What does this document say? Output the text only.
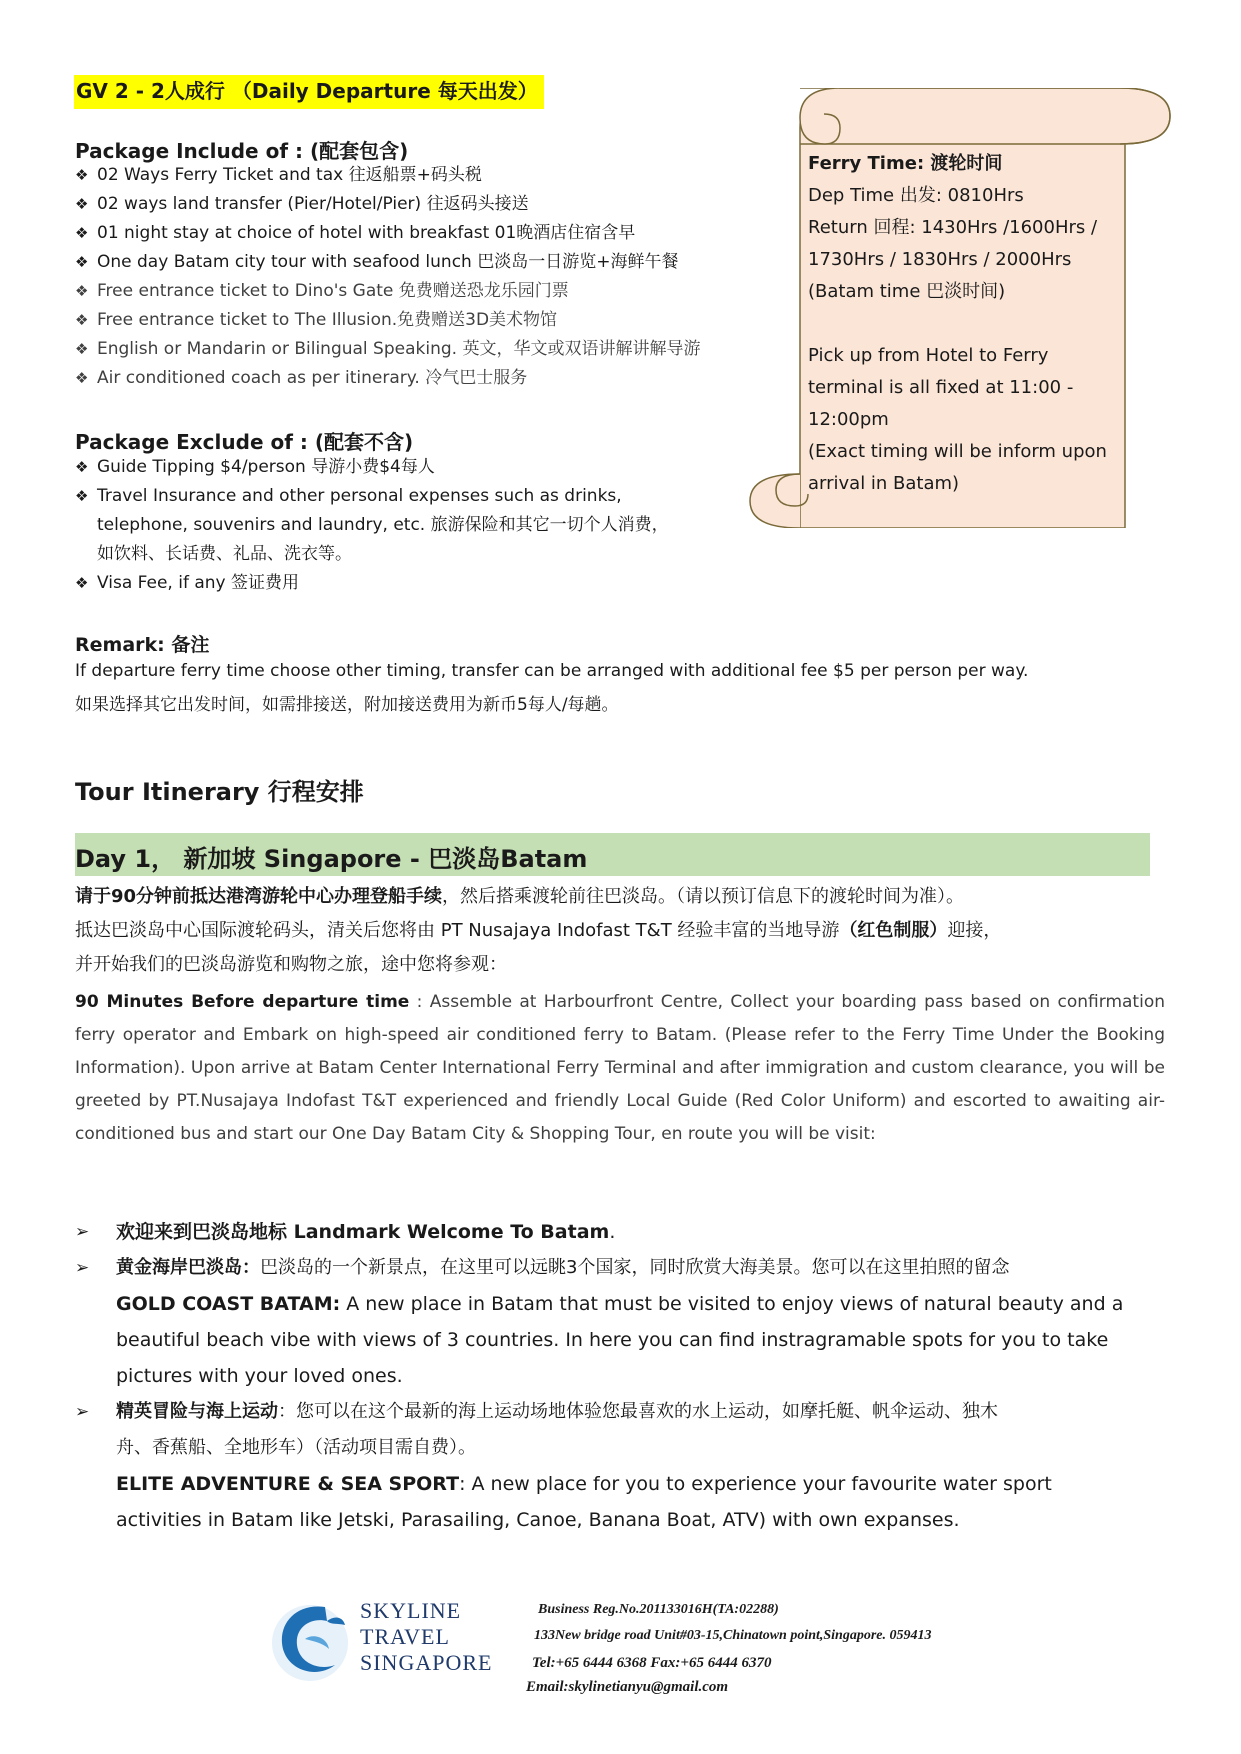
GV 2 - 2人成行 （Daily Departure 每天出发）
Package Include of : (配套包含)
❖ 02 Ways Ferry Ticket and tax 往返船票+码头税
❖ 02 ways land transfer (Pier/Hotel/Pier) 往返码头接送
❖ 01 night stay at choice of hotel with breakfast 01晚酒店住宿含早
❖ One day Batam city tour with seafood lunch 巴淡岛一日游览+海鲜午餐
❖ Free entrance ticket to Dino's Gate 免费赠送恐龙乐园门票
❖ Free entrance ticket to The Illusion.免费赠送3D美术物馆
❖ English or Mandarin or Bilingual Speaking. 英文，华文或双语讲解讲解导游
❖ Air conditioned coach as per itinerary. 冷气巴士服务
Package Exclude of : (配套不含)
❖ Guide Tipping $4/person 导游小费$4每人
❖ Travel Insurance and other personal expenses such as drinks,
telephone, souvenirs and laundry, etc. 旅游保险和其它一切个人消费，
如饮料、长话费、礼品、洗衣等。
❖ Visa Fee, if any 签证费用
Ferry Time: 渡轮时间
Dep Time 出发: 0810Hrs
Return 回程: 1430Hrs /1600Hrs /
1730Hrs / 1830Hrs / 2000Hrs
(Batam time 巴淡时间)
Pick up from Hotel to Ferry
terminal is all fixed at 11:00 -
12:00pm
(Exact timing will be inform upon
arrival in Batam)
Remark: 备注
If departure ferry time choose other timing, transfer can be arranged with additional fee $5 per person per way.
如果选择其它出发时间，如需排接送，附加接送费用为新币5每人/每趟。
Tour Itinerary 行程安排
Day 1， 新加坡 Singapore - 巴淡岛Batam
请于90分钟前抵达港湾游轮中心办理登船手续，然后搭乘渡轮前往巴淡岛。（请以预订信息下的渡轮时间为准）。
抵达巴淡岛中心国际渡轮码头，清关后您将由 PT Nusajaya Indofast T&T 经验丰富的当地导游（红色制服）迎接，
并开始我们的巴淡岛游览和购物之旅，途中您将参观：
90 Minutes Before departure time : Assemble at Harbourfront Centre, Collect your boarding pass based on confirmation ferry operator and Embark on high-speed air conditioned ferry to Batam. (Please refer to the Ferry Time Under the Booking Information). Upon arrive at Batam Center International Ferry Terminal and after immigration and custom clearance, you will be greeted by PT.Nusajaya Indofast T&T experienced and friendly Local Guide (Red Color Uniform) and escorted to awaiting air-conditioned bus and start our One Day Batam City & Shopping Tour, en route you will be visit:
➢ 欢迎来到巴淡岛地标 Landmark Welcome To Batam.
➢ 黄金海岸巴淡岛：巴淡岛的一个新景点，在这里可以远眺3个国家，同时欣赏大海美景。您可以在这里拍照的留念
GOLD COAST BATAM: A new place in Batam that must be visited to enjoy views of natural beauty and a
beautiful beach vibe with views of 3 countries. In here you can find instragramable spots for you to take
pictures with your loved ones.
➢ 精英冒险与海上运动：您可以在这个最新的海上运动场地体验您最喜欢的水上运动，如摩托艇、帆伞运动、独木
舟、香蕉船、全地形车）（活动项目需自费）。
ELITE ADVENTURE & SEA SPORT: A new place for you to experience your favourite water sport
activities in Batam like Jetski, Parasailing, Canoe, Banana Boat, ATV) with own expanses.
SKYLINE
TRAVEL
SINGAPORE
Business Reg.No.201133016H(TA:02288)
133New bridge road Unit#03-15,Chinatown point,Singapore. 059413
Tel:+65 6444 6368 Fax:+65 6444 6370
Email:skylinetianyu@gmail.com
